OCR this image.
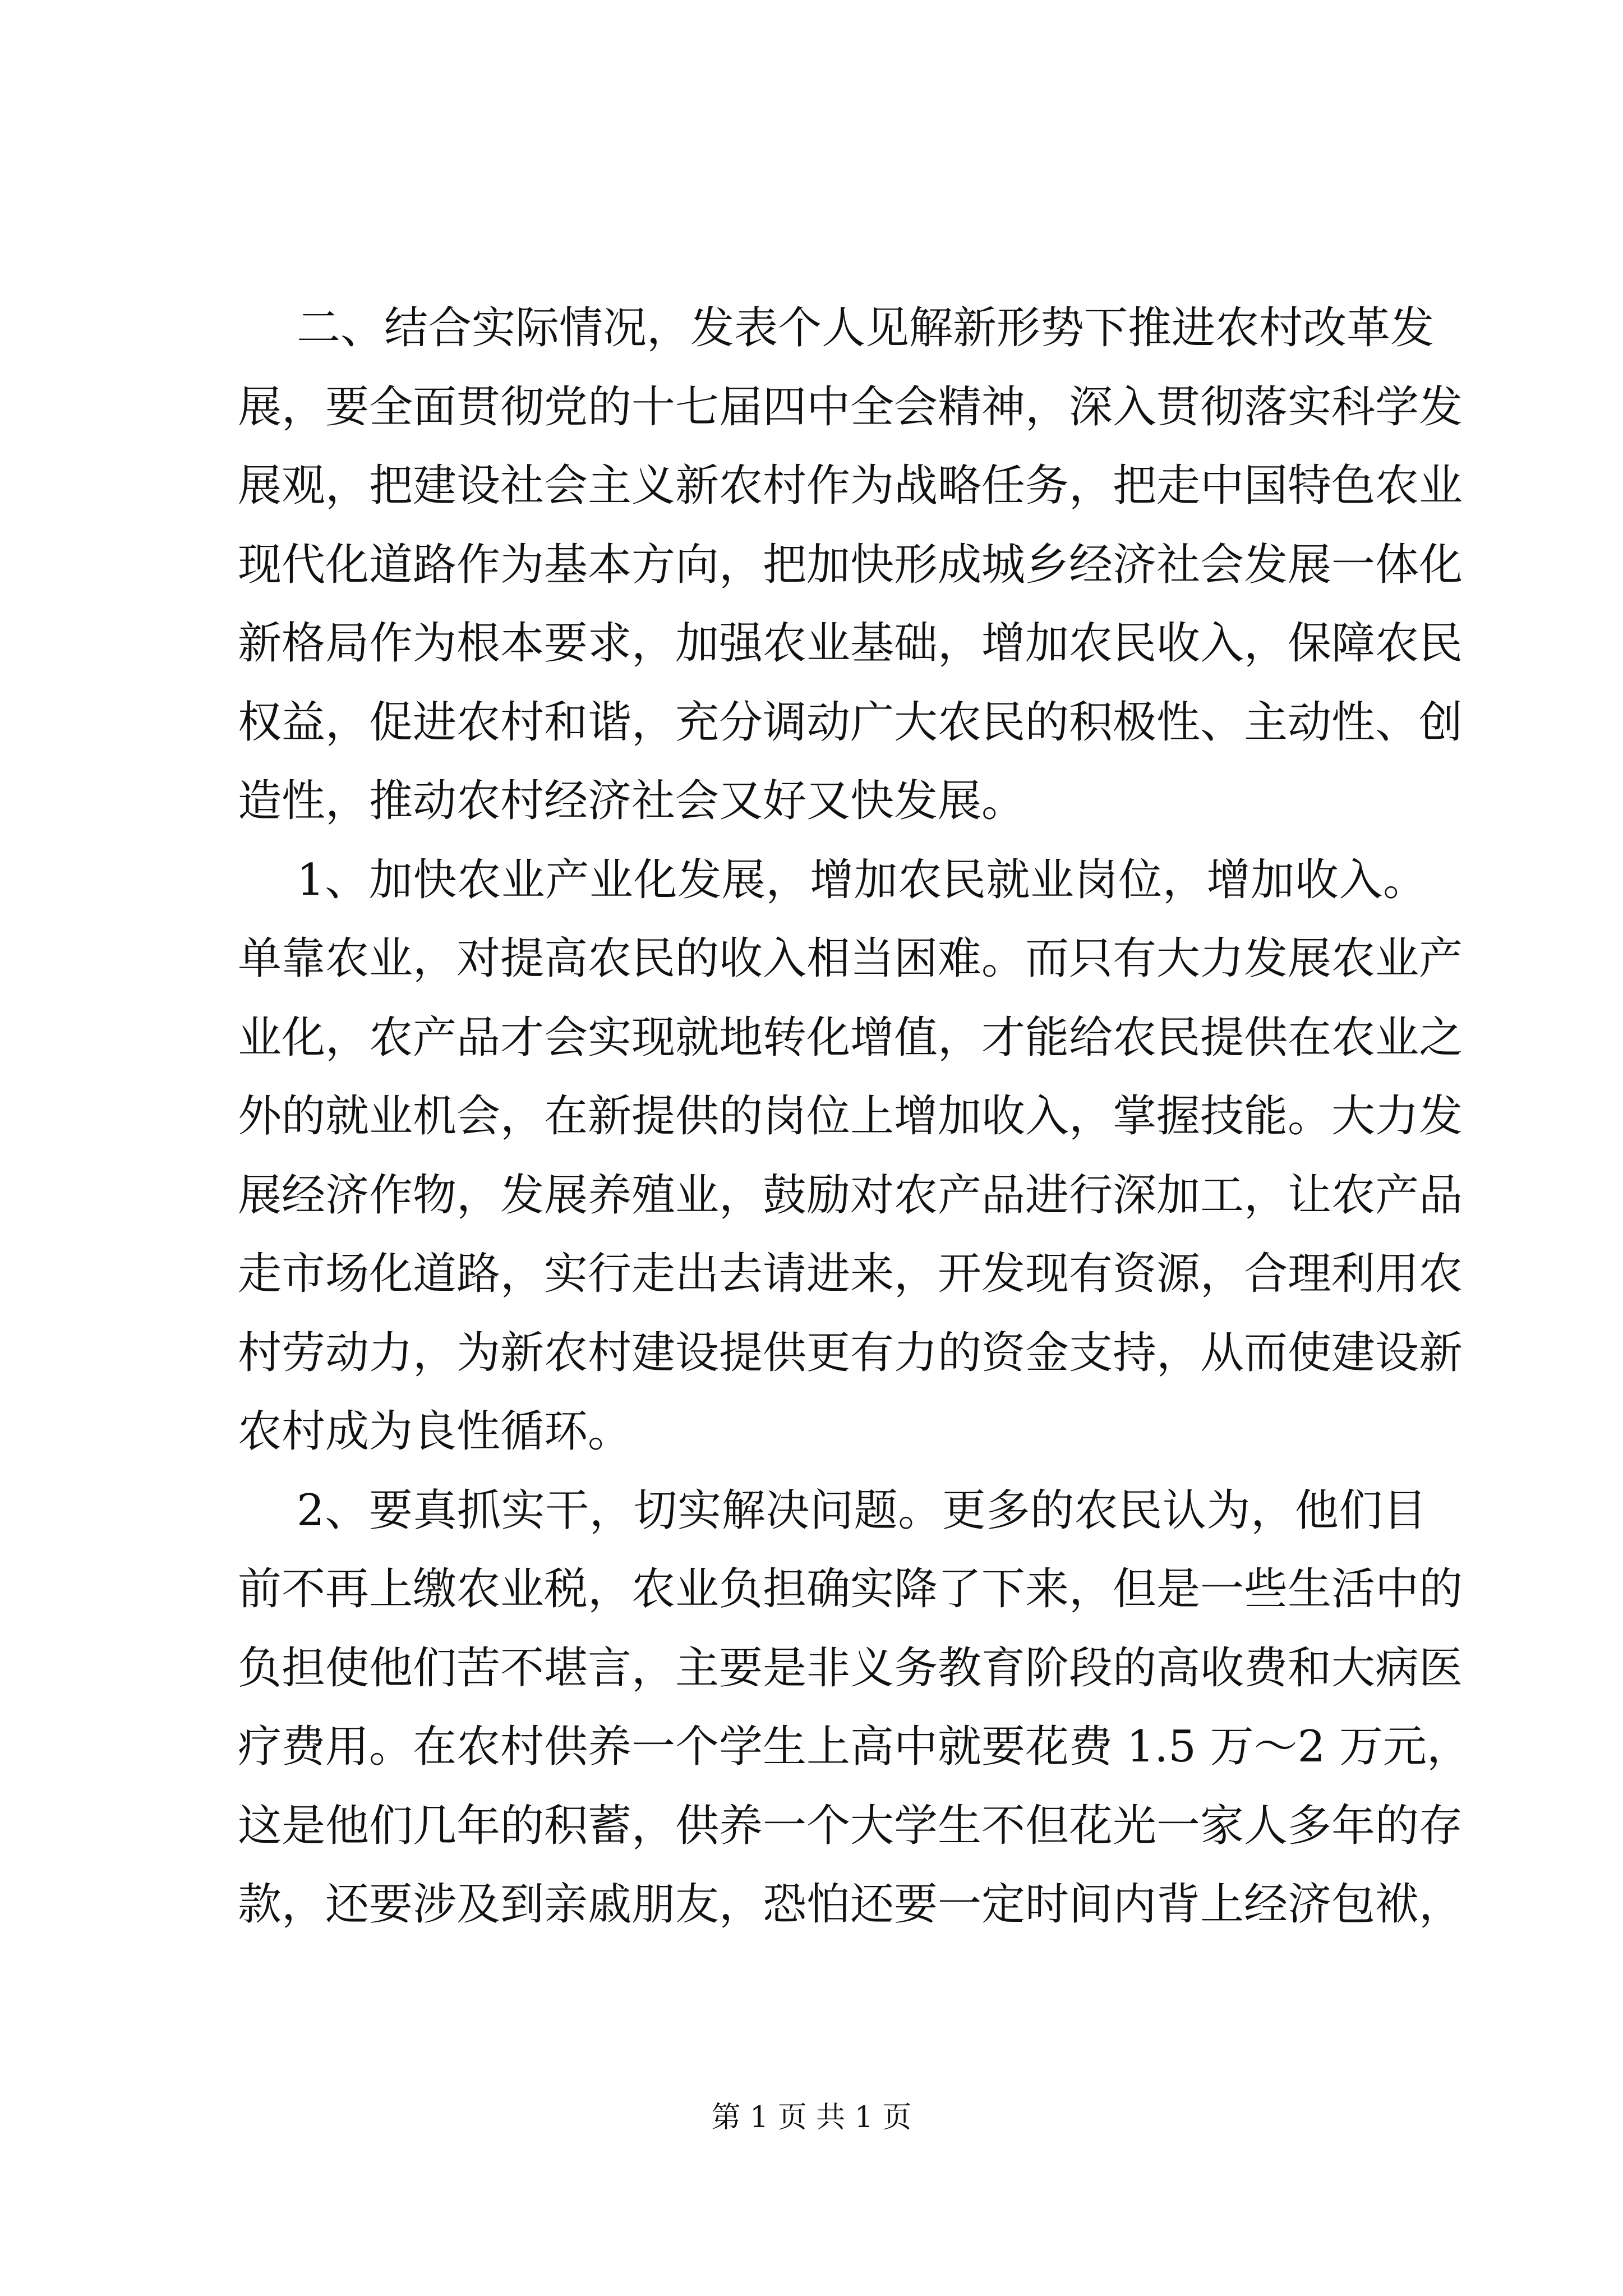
二、结合实际情况，发表个人见解新形势下推进农村改革发
展，要全面贯彻党的十七届四中全会精神，深入贯彻落实科学发
展观，把建设社会主义新农村作为战略任务，把走中国特色农业
现代化道路作为基本方向，把加快形成城乡经济社会发展一体化
新格局作为根本要求，加强农业基础，增加农民收入，保障农民
权益，促进农村和谐，充分调动广大农民的积极性、主动性、创
造性，推动农村经济社会又好又快发展。
1、加快农业产业化发展，增加农民就业岗位，增加收入。
单靠农业，对提高农民的收入相当困难。而只有大力发展农业产
业化，农产品才会实现就地转化增值，才能给农民提供在农业之
外的就业机会，在新提供的岗位上增加收入，掌握技能。大力发
展经济作物，发展养殖业，鼓励对农产品进行深加工，让农产品
走市场化道路，实行走出去请进来，开发现有资源，合理利用农
村劳动力，为新农村建设提供更有力的资金支持，从而使建设新
农村成为良性循环。
2、要真抓实干，切实解决问题。更多的农民认为，他们目
前不再上缴农业税，农业负担确实降了下来，但是一些生活中的
负担使他们苦不堪言，主要是非义务教育阶段的高收费和大病医
疗费用。在农村供养一个学生上高中就要花费 1.5 万～2 万元，
这是他们几年的积蓄，供养一个大学生不但花光一家人多年的存
款，还要涉及到亲戚朋友，恐怕还要一定时间内背上经济包袱，
第 1 页 共 1 页
